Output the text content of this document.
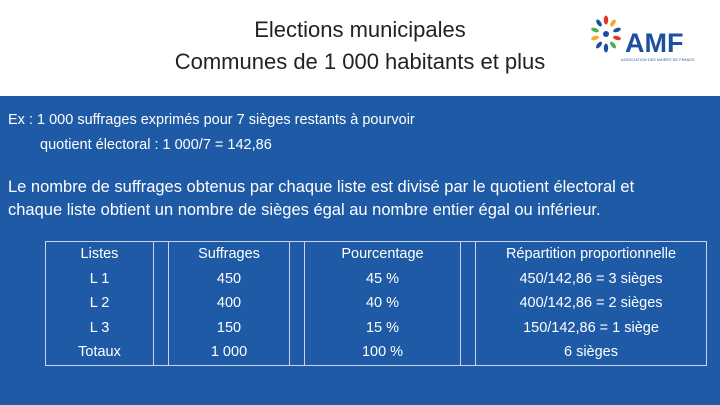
Elections municipales
Communes de 1 000 habitants et plus
AMF
ASSOCIATION DES MAIRES DE FRANCE
Ex : 1 000 suffrages exprimés pour 7 sièges restants à pourvoir
quotient électoral : 1 000/7 = 142,86
Le nombre de suffrages obtenus par chaque liste est divisé par le quotient électoral et
chaque liste obtient un nombre de sièges égal au nombre entier égal ou inférieur.
Listes		Suffrages		Pourcentage		Répartition proportionnelle
L 1		450		45 %		450/142,86 = 3 sièges
L 2		400		40 %		400/142,86 = 2 sièges
L 3		150		15 %		150/142,86 = 1 siège
Totaux		1 000		100 %		6 sièges
